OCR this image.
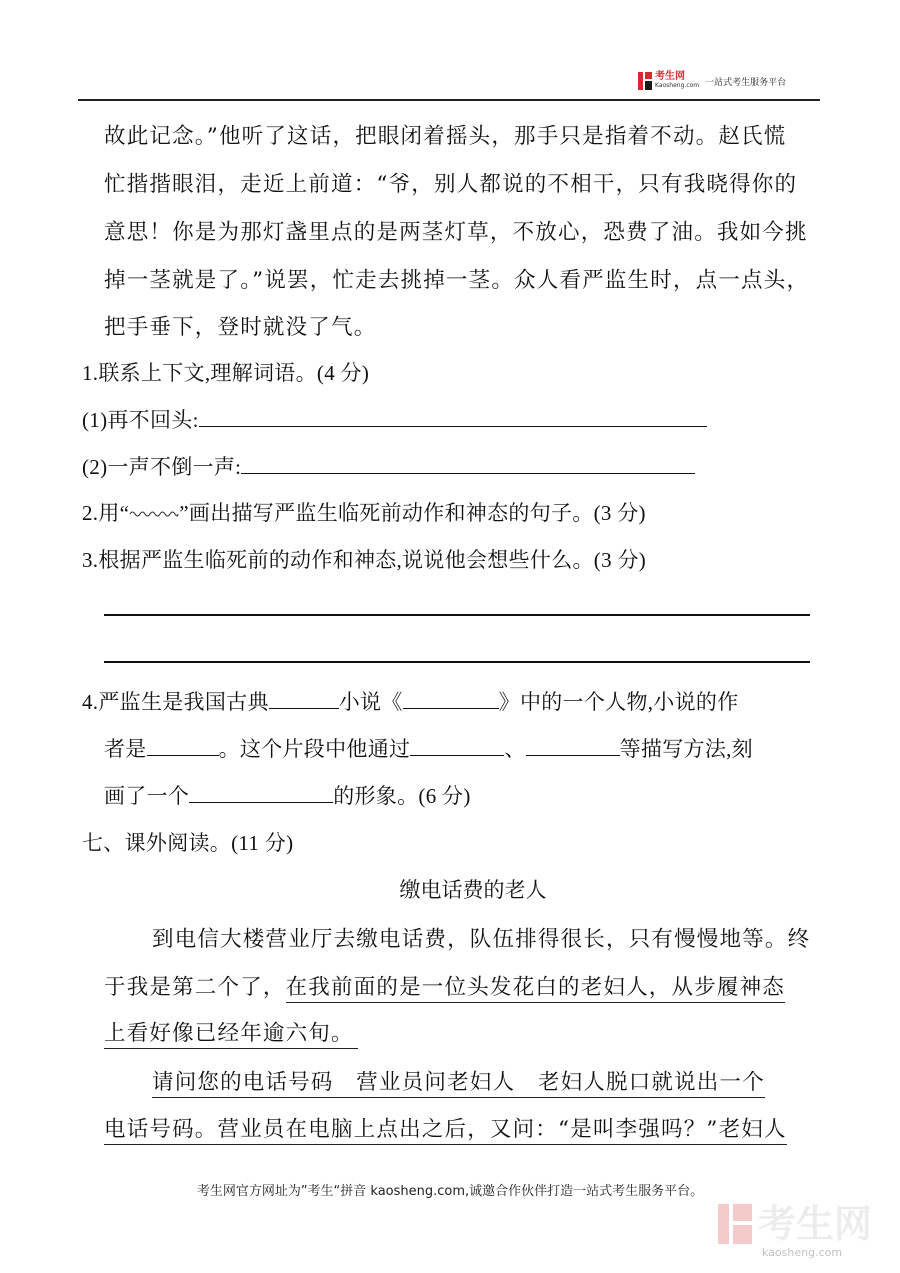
考生网
Kaosheng.com 一站式考生服务平台
故此记念。”他听了这话，把眼闭着摇头，那手只是指着不动。赵氏慌
忙揩揩眼泪，走近上前道：“爷，别人都说的不相干，只有我晓得你的
意思！你是为那灯盏里点的是两茎灯草，不放心，恐费了油。我如今挑
掉一茎就是了。”说罢，忙走去挑掉一茎。众人看严监生时，点一点头，
把手垂下，登时就没了气。
1.联系上下文,理解词语。(4 分)
(1)再不回头:
(2)一声不倒一声:
2.用“ ”画出描写严监生临死前动作和神态的句子。(3 分)
3.根据严监生临死前的动作和神态,说说他会想些什么。(3 分)
4.严监生是我国古典	小说《	》中的一个人物,小说的作
者是	。这个片段中他通过	、	等描写方法,刻
画了一个	的形象。(6 分)
七、课外阅读。(11 分)
缴电话费的老人
到电信大楼营业厅去缴电话费，队伍排得很长，只有慢慢地等。终
于我是第二个了，在我前面的是一位头发花白的老妇人，从步履神态
上看好像已经年逾六旬。
请问您的电话号码　营业员问老妇人　老妇人脱口就说出一个
电话号码。营业员在电脑上点出之后，又问：“是叫李强吗？”老妇人
考生网官方网址为”考生“拼音 kaosheng.com,诚邀合作伙伴打造一站式考生服务平台。
考生网
kaosheng.com
